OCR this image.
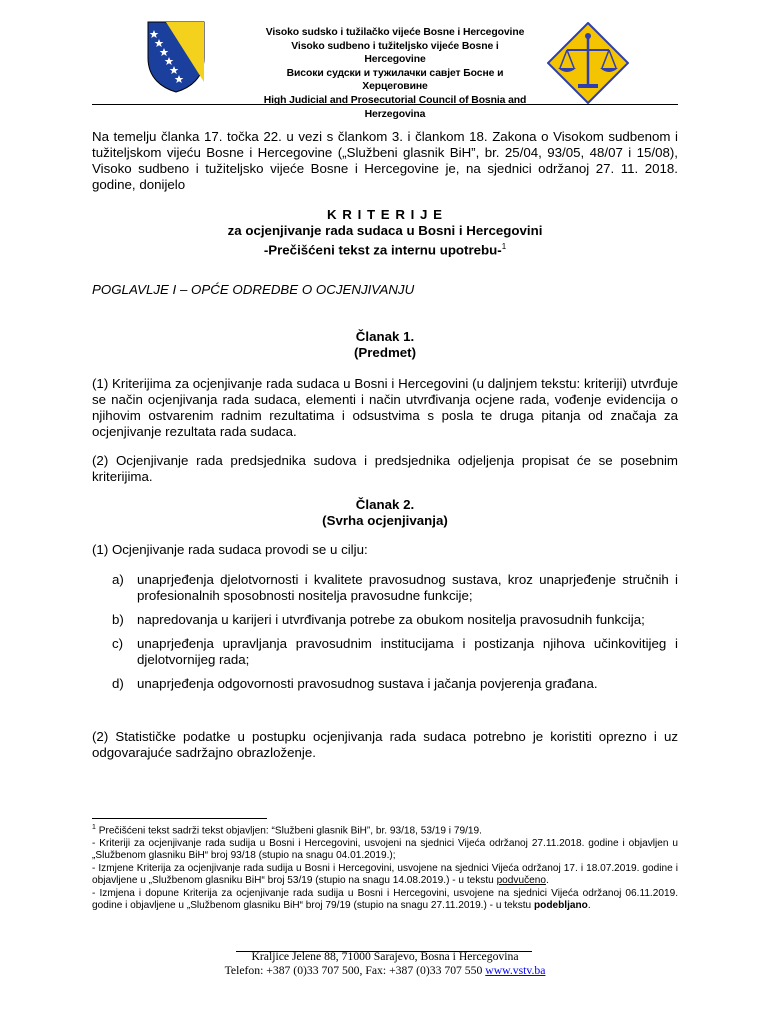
Visoko sudsko i tužilačko vijeće Bosne i Hercegovine
Visoko sudbeno i tužiteljsko vijeće Bosne i Hercegovine
Високи судски и тужилачки савјет Босне и Херцеговине
High Judicial and Prosecutorial Council of Bosnia and Herzegovina
Na temelju članka 17. točka 22. u vezi s člankom 3. i člankom 18. Zakona o Visokom sudbenom i tužiteljskom vijeću Bosne i Hercegovine („Službeni glasnik BiH”, br. 25/04, 93/05, 48/07 i 15/08), Visoko sudbeno i tužiteljsko vijeće Bosne i Hercegovine je, na sjednici održanoj 27. 11. 2018. godine, donijelo
K R I T E R I J E
za ocjenjivanje rada sudaca u Bosni i Hercegovini
-Prečišćeni tekst za internu upotrebu-$^1$
POGLAVLJE I – OPĆE ODREDBE O OCJENJIVANJU
Članak 1.
(Predmet)
(1) Kriterijima za ocjenjivanje rada sudaca u Bosni i Hercegovini (u daljnjem tekstu: kriteriji) utvrđuje se način ocjenjivanja rada sudaca, elementi i način utvrđivanja ocjene rada, vođenje evidencija o njihovim ostvarenim radnim rezultatima i odsustvima s posla te druga pitanja od značaja za ocjenjivanje rezultata rada sudaca.
(2) Ocjenjivanje rada predsjednika sudova i predsjednika odjeljenja propisat će se posebnim kriterijima.
Članak 2.
(Svrha ocjenjivanja)
(1) Ocjenjivanje rada sudaca provodi se u cilju:
a) unaprjeđenja djelotvornosti i kvalitete pravosudnog sustava, kroz unaprjeđenje stručnih i profesionalnih sposobnosti nositelja pravosudne funkcije;
b) napredovanja u karijeri i utvrđivanja potrebe za obukom nositelja pravosudnih funkcija;
c) unaprjeđenja upravljanja pravosudnim institucijama i postizanja njihova učinkovitijeg i djelotvornijeg rada;
d) unaprjeđenja odgovornosti pravosudnog sustava i jačanja povjerenja građana.
(2) Statističke podatke u postupku ocjenjivanja rada sudaca potrebno je koristiti oprezno i uz odgovarajuće sadržajno obrazloženje.

$^1$ Prečišćeni tekst sadrži tekst objavljen: “Službeni glasnik BiH”, br. 93/18, 53/19 i 79/19.

- Kriteriji za ocjenjivanje rada sudija u Bosni i Hercegovini, usvojeni na sjednici Vijeća održanoj 27.11.2018. godine i objavljen u „Službenom glasniku BiH“ broj 93/18 (stupio na snagu 04.01.2019.);

- Izmjene Kriterija za ocjenjivanje rada sudija u Bosni i Hercegovini, usvojene na sjednici Vijeća održanoj 17. i 18.07.2019. godine i objavljene u „Službenom glasniku BiH“ broj 53/19 (stupio na snagu 14.08.2019.) - u tekstu podvučeno.

- Izmjena i dopune Kriterija za ocjenjivanje rada sudija u Bosni i Hercegovini, usvojene na sjednici Vijeća održanoj 06.11.2019. godine i objavljene u „Službenom glasniku BiH“ broj 79/19 (stupio na snagu 27.11.2019.) - u tekstu podebljano.

Kraljice Jelene 88, 71000 Sarajevo, Bosna i Hercegovina
Telefon: +387 (0)33 707 500, Fax: +387 (0)33 707 550 www.vstv.ba
